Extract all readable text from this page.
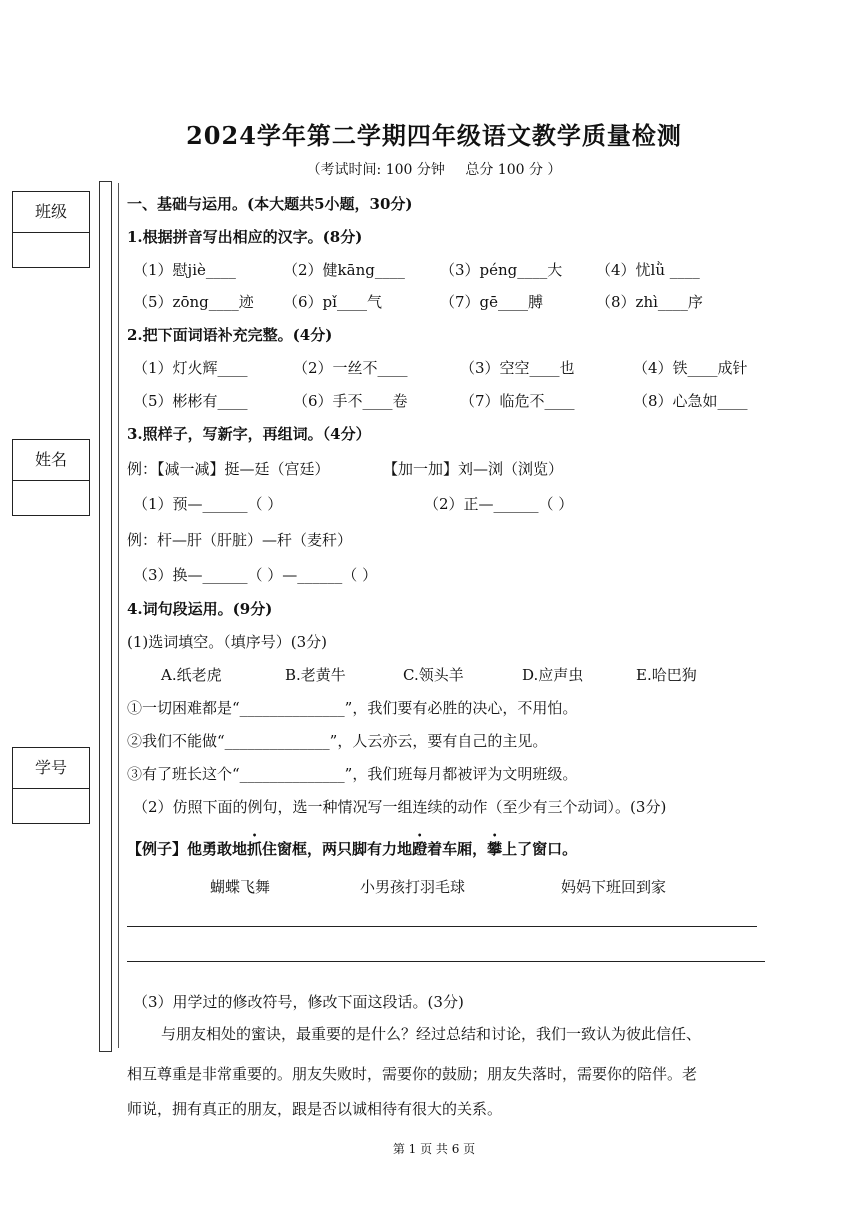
2024学年第二学期四年级语文教学质量检测
（考试时间: 100 分钟 总分 100 分 ）
班级
姓名
学号
一、基础与运用。(本大题共5小题，30分)
1.根据拼音写出相应的汉字。(8分)
（1）慰jiè____	（2）健kāng____ （3）péng____大 （4）忧lǜ ____
（5）zōng____迹 （6）pǐ____气	（7）gē____膊	（8）zhì____序
2.把下面词语补充完整。(4分)
（1）灯火辉____	（2）一丝不____	（3）空空____也	（4）铁____成针
（5）彬彬有____	（6）手不____卷	（7）临危不____	（8）心急如____
3.照样子，写新字，再组词。（4分）
例：【减一减】挺—廷（宫廷）	【加一加】刘—浏（浏览）
（1）预—______（ ）	（2）正—______（ ）
例：杆—肝（肝脏）—秆（麦秆）
（3）换—______（ ）—______（ ）
4.词句段运用。(9分)
(1)选词填空。（填序号）(3分)
A.纸老虎	B.老黄牛	C.领头羊	D.应声虫	E.哈巴狗
①一切困难都是“______________”，我们要有必胜的决心，不用怕。
②我们不能做“______________”，人云亦云，要有自己的主见。
③有了班长这个“______________”，我们班每月都被评为文明班级。
（2）仿照下面的例句，选一种情况写一组连续的动作（至少有三个动词）。(3分)
【例子】他勇敢地抓住窗框，两只脚有力地蹬着车厢，攀上了窗口。
蝴蝶飞舞	小男孩打羽毛球	妈妈下班回到家
（3）用学过的修改符号，修改下面这段话。(3分)
与朋友相处的蜜诀，最重要的是什么？经过总结和讨论，我们一致认为彼此信任、
相互尊重是非常重要的。朋友失败时，需要你的鼓励；朋友失落时，需要你的陪伴。老
师说，拥有真正的朋友，跟是否以诚相待有很大的关系。
第 1 页 共 6 页
